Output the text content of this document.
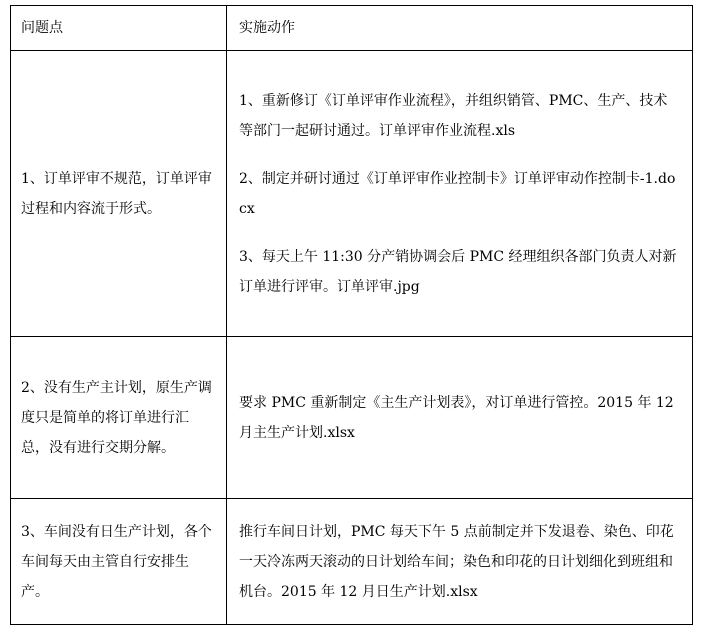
问题点	实施动作
1、订单评审不规范，订单评审过程和内容流于形式。	1、重新修订《订单评审作业流程》，并组织销管、PMC、生产、技术等部门一起研讨通过。订单评审作业流程.xls

2、制定并研讨通过《订单评审作业控制卡》订单评审动作控制卡-1.docx

3、每天上午 11:30 分产销协调会后 PMC 经理组织各部门负责人对新订单进行评审。订单评审.jpg

2、没有生产主计划，原生产调度只是简单的将订单进行汇总，没有进行交期分解。	要求 PMC 重新制定《主生产计划表》，对订单进行管控。2015 年 12 月主生产计划.xlsx

3、车间没有日生产计划，各个车间每天由主管自行安排生产。	推行车间日计划，PMC 每天下午 5 点前制定并下发退卷、染色、印花一天冷冻两天滚动的日计划给车间；染色和印花的日计划细化到班组和机台。2015 年 12 月日生产计划.xlsx
